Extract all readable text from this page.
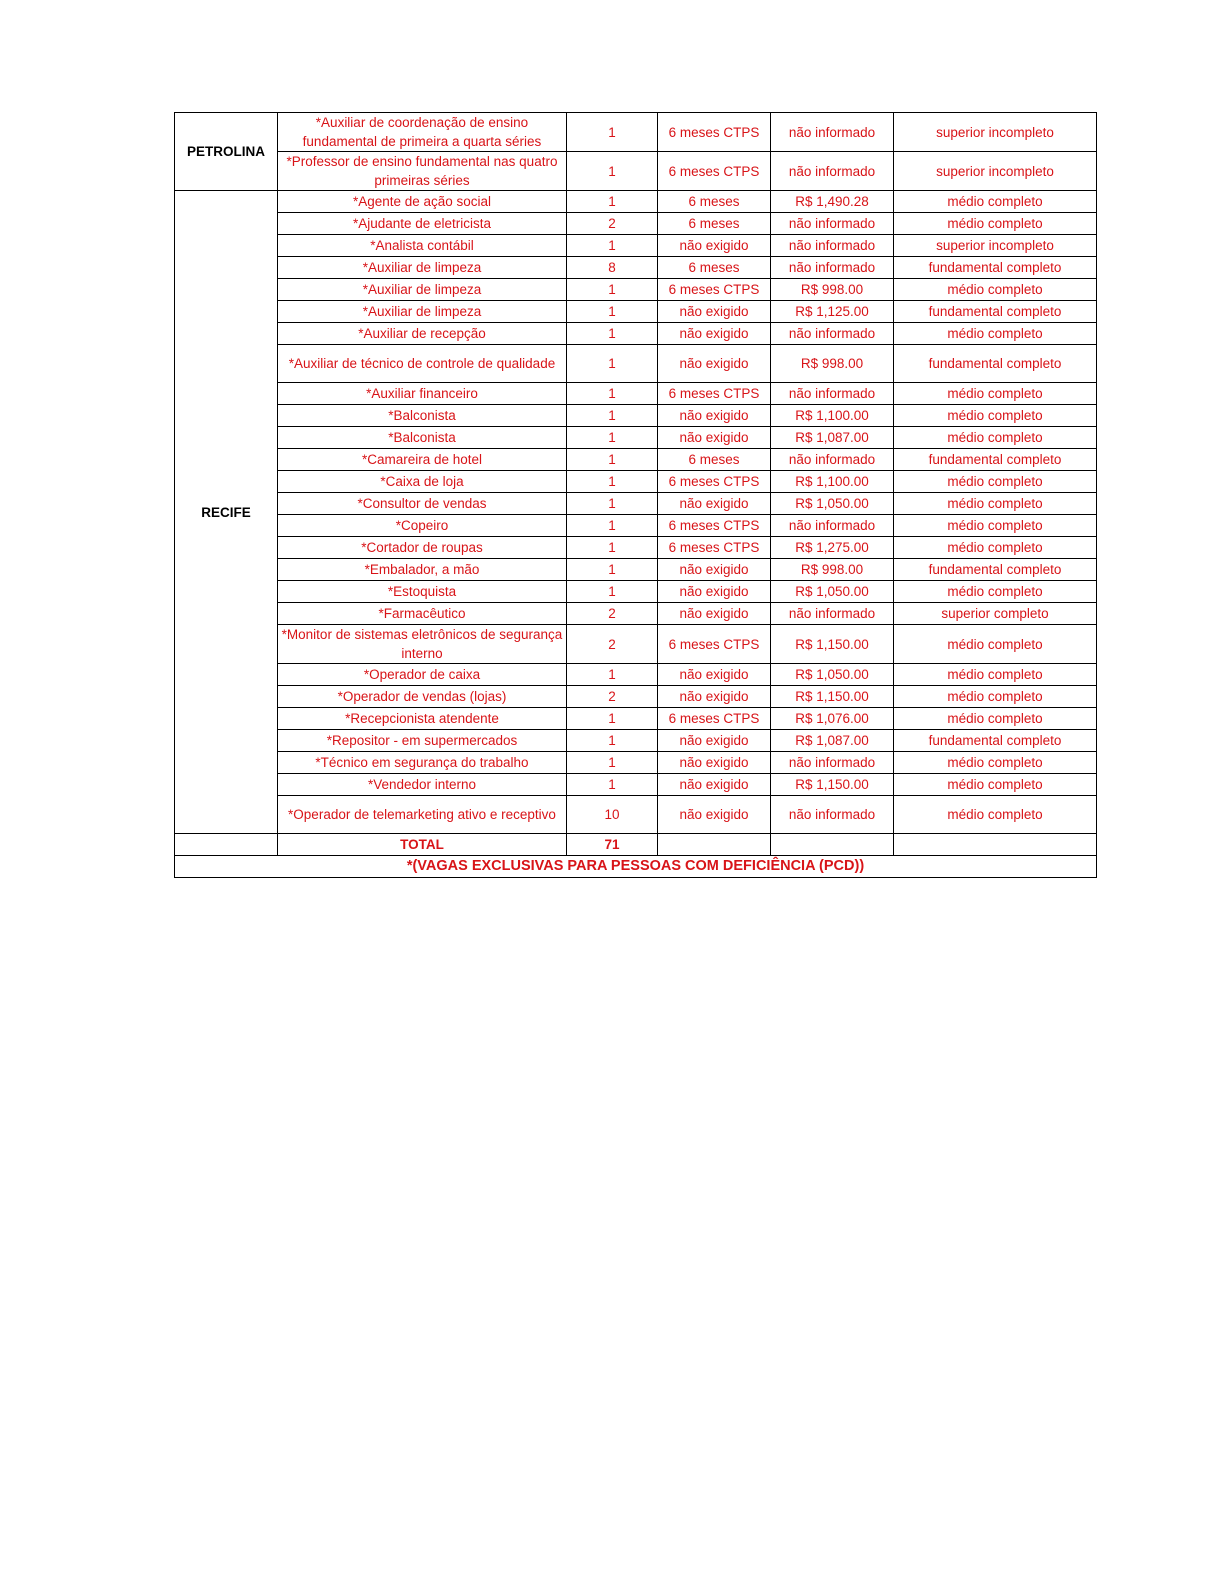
PETROLINA	*Auxiliar de coordenação de ensino fundamental de primeira a quarta séries	1	6 meses CTPS	não informado	superior incompleto
	*Professor de ensino fundamental nas quatro primeiras séries	1	6 meses CTPS	não informado	superior incompleto
RECIFE	*Agente de ação social	1	6 meses	R$ 1,490.28	médio completo
	*Ajudante de eletricista	2	6 meses	não informado	médio completo
	*Analista contábil	1	não exigido	não informado	superior incompleto
	*Auxiliar de limpeza	8	6 meses	não informado	fundamental completo
	*Auxiliar de limpeza	1	6 meses CTPS	R$ 998.00	médio completo
	*Auxiliar de limpeza	1	não exigido	R$ 1,125.00	fundamental completo
	*Auxiliar de recepção	1	não exigido	não informado	médio completo
	*Auxiliar de técnico de controle de qualidade	1	não exigido	R$ 998.00	fundamental completo
	*Auxiliar financeiro	1	6 meses CTPS	não informado	médio completo
	*Balconista	1	não exigido	R$ 1,100.00	médio completo
	*Balconista	1	não exigido	R$ 1,087.00	médio completo
	*Camareira de hotel	1	6 meses	não informado	fundamental completo
	*Caixa de loja	1	6 meses CTPS	R$ 1,100.00	médio completo
	*Consultor de vendas	1	não exigido	R$ 1,050.00	médio completo
	*Copeiro	1	6 meses CTPS	não informado	médio completo
	*Cortador de roupas	1	6 meses CTPS	R$ 1,275.00	médio completo
	*Embalador, a mão	1	não exigido	R$ 998.00	fundamental completo
	*Estoquista	1	não exigido	R$ 1,050.00	médio completo
	*Farmacêutico	2	não exigido	não informado	superior completo
	*Monitor de sistemas eletrônicos de segurança interno	2	6 meses CTPS	R$ 1,150.00	médio completo
	*Operador de caixa	1	não exigido	R$ 1,050.00	médio completo
	*Operador de vendas (lojas)	2	não exigido	R$ 1,150.00	médio completo
	*Recepcionista atendente	1	6 meses CTPS	R$ 1,076.00	médio completo
	*Repositor - em supermercados	1	não exigido	R$ 1,087.00	fundamental completo
	*Técnico em segurança do trabalho	1	não exigido	não informado	médio completo
	*Vendedor interno	1	não exigido	R$ 1,150.00	médio completo
	*Operador de telemarketing ativo e receptivo	10	não exigido	não informado	médio completo
	TOTAL	71			
*(VAGAS EXCLUSIVAS PARA PESSOAS COM DEFICIÊNCIA (PCD))					
